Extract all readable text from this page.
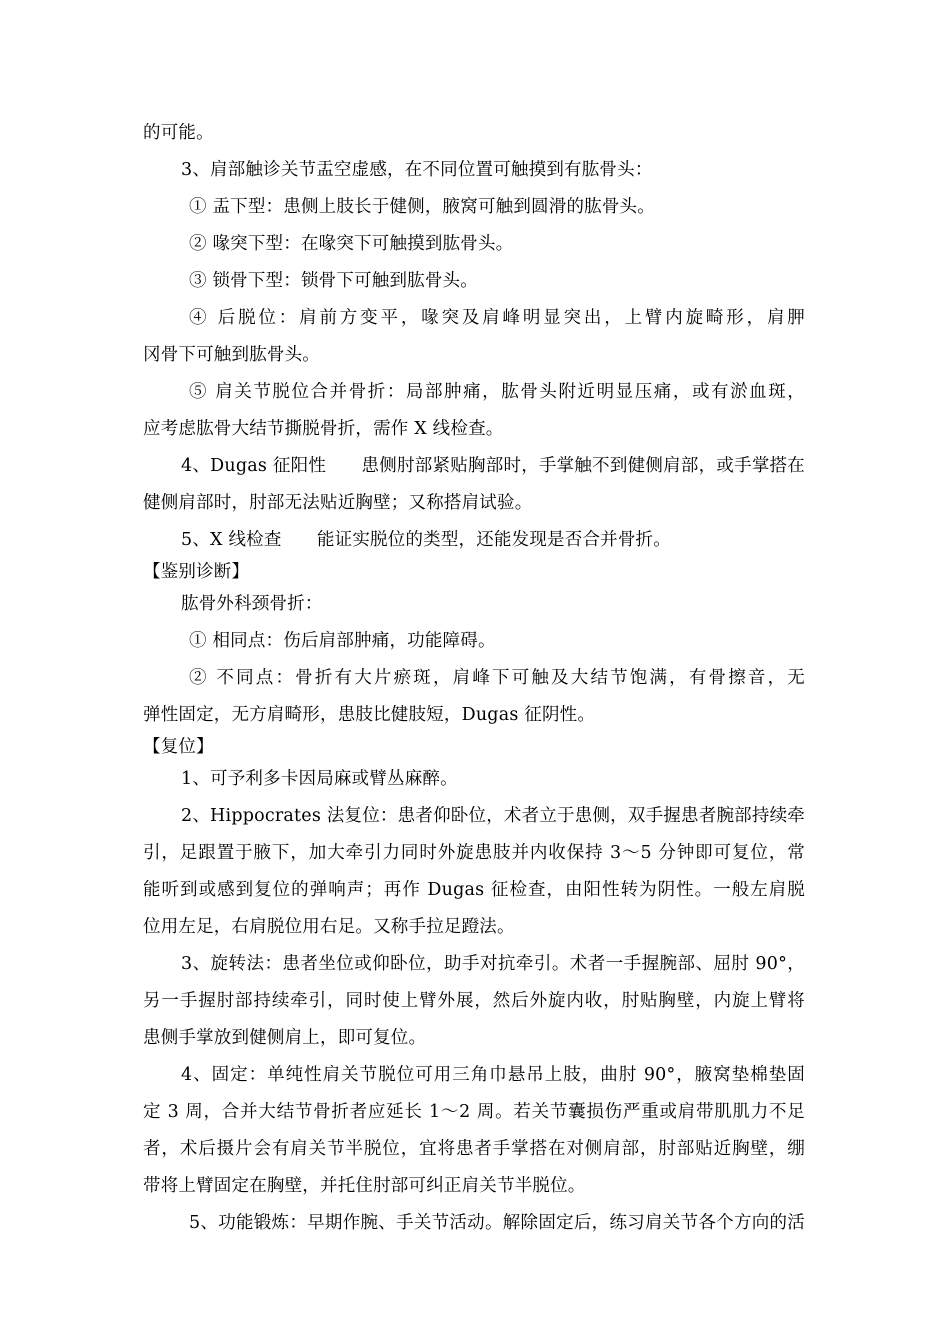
的可能。
3、肩部触诊关节盂空虚感，在不同位置可触摸到有肱骨头：
① 盂下型：患侧上肢长于健侧，腋窝可触到圆滑的肱骨头。
② 喙突下型：在喙突下可触摸到肱骨头。
③ 锁骨下型：锁骨下可触到肱骨头。
④ 后脱位：肩前方变平，喙突及肩峰明显突出，上臂内旋畸形，肩胛
冈骨下可触到肱骨头。
⑤ 肩关节脱位合并骨折：局部肿痛，肱骨头附近明显压痛，或有淤血斑，
应考虑肱骨大结节撕脱骨折，需作 X 线检查。
4、Dugas 征阳性　　患侧肘部紧贴胸部时，手掌触不到健侧肩部，或手掌搭在
健侧肩部时，肘部无法贴近胸壁；又称搭肩试验。
5、X 线检查　　能证实脱位的类型，还能发现是否合并骨折。
【鉴别诊断】
肱骨外科颈骨折：
① 相同点：伤后肩部肿痛，功能障碍。
② 不同点：骨折有大片瘀斑，肩峰下可触及大结节饱满，有骨擦音，无
弹性固定，无方肩畸形，患肢比健肢短，Dugas 征阴性。
【复位】
1、可予利多卡因局麻或臂丛麻醉。
2、Hippocrates 法复位：患者仰卧位，术者立于患侧，双手握患者腕部持续牵
引，足跟置于腋下，加大牵引力同时外旋患肢并内收保持 3～5 分钟即可复位，常
能听到或感到复位的弹响声；再作 Dugas 征检查，由阳性转为阴性。一般左肩脱
位用左足，右肩脱位用右足。又称手拉足蹬法。
3、旋转法：患者坐位或仰卧位，助手对抗牵引。术者一手握腕部、屈肘 90°，
另一手握肘部持续牵引，同时使上臂外展，然后外旋内收，肘贴胸壁，内旋上臂将
患侧手掌放到健侧肩上，即可复位。
4、固定：单纯性肩关节脱位可用三角巾悬吊上肢，曲肘 90°，腋窝垫棉垫固
定 3 周，合并大结节骨折者应延长 1～2 周。若关节囊损伤严重或肩带肌肌力不足
者，术后摄片会有肩关节半脱位，宜将患者手掌搭在对侧肩部，肘部贴近胸壁，绷
带将上臂固定在胸壁，并托住肘部可纠正肩关节半脱位。
5、功能锻炼：早期作腕、手关节活动。解除固定后，练习肩关节各个方向的活
